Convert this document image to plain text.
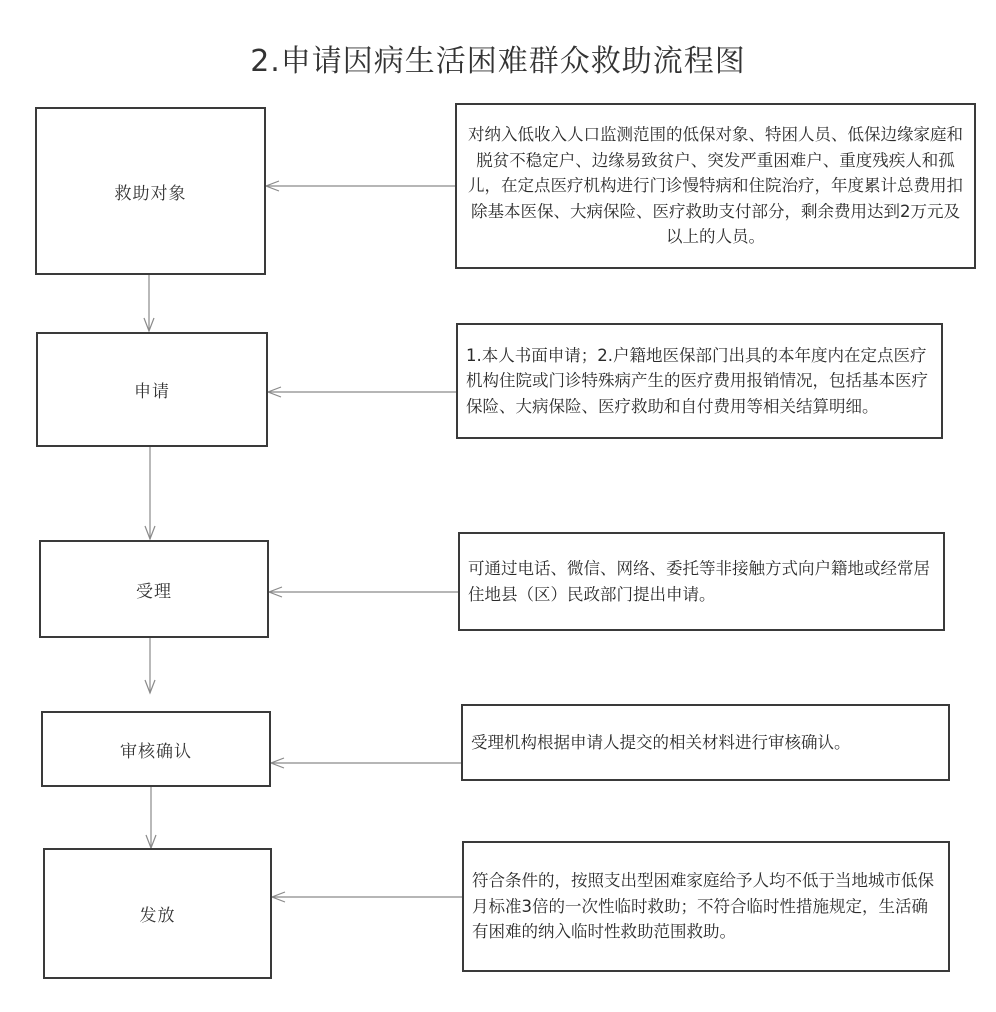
2.申请因病生活困难群众救助流程图
救助对象
对纳入低收入人口监测范围的低保对象、特困人员、低保边缘家庭和脱贫不稳定户、边缘易致贫户、突发严重困难户、重度残疾人和孤儿，在定点医疗机构进行门诊慢特病和住院治疗，年度累计总费用扣除基本医保、大病保险、医疗救助支付部分，剩余费用达到2万元及以上的人员。
申请
1.本人书面申请；2.户籍地医保部门出具的本年度内在定点医疗机构住院或门诊特殊病产生的医疗费用报销情况，包括基本医疗保险、大病保险、医疗救助和自付费用等相关结算明细。
受理
可通过电话、微信、网络、委托等非接触方式向户籍地或经常居住地县（区）民政部门提出申请。
审核确认	受理机构根据申请人提交的相关材料进行审核确认。
发放
符合条件的，按照支出型困难家庭给予人均不低于当地城市低保月标准3倍的一次性临时救助；不符合临时性措施规定，生活确有困难的纳入临时性救助范围救助。
